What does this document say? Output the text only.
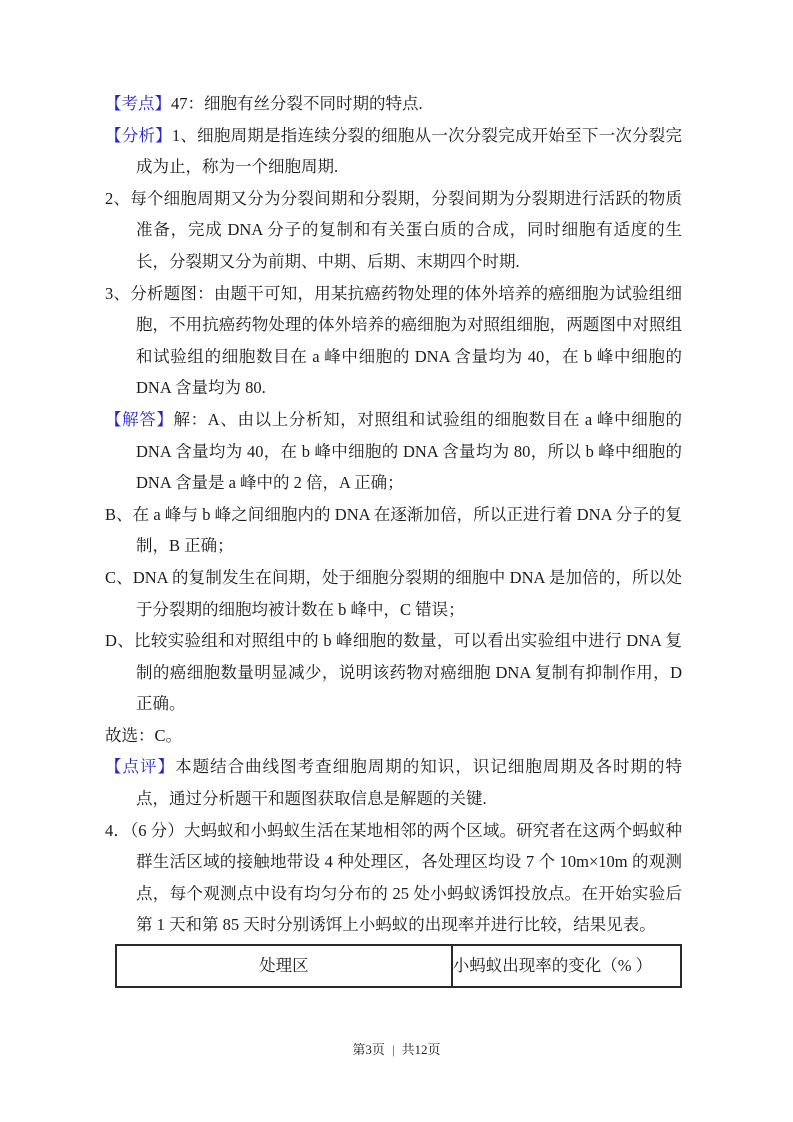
【考点】47：细胞有丝分裂不同时期的特点.

【分析】1、细胞周期是指连续分裂的细胞从一次分裂完成开始至下一次分裂完成为止，称为一个细胞周期.

2、每个细胞周期又分为分裂间期和分裂期，分裂间期为分裂期进行活跃的物质准备，完成 DNA 分子的复制和有关蛋白质的合成，同时细胞有适度的生长，分裂期又分为前期、中期、后期、末期四个时期.

3、分析题图：由题干可知，用某抗癌药物处理的体外培养的癌细胞为试验组细胞，不用抗癌药物处理的体外培养的癌细胞为对照组细胞，两题图中对照组和试验组的细胞数目在 a 峰中细胞的 DNA 含量均为 40，在 b 峰中细胞的 DNA 含量均为 80.

【解答】解：A、由以上分析知，对照组和试验组的细胞数目在 a 峰中细胞的 DNA 含量均为 40，在 b 峰中细胞的 DNA 含量均为 80，所以 b 峰中细胞的 DNA 含量是 a 峰中的 2 倍，A 正确；

B、在 a 峰与 b 峰之间细胞内的 DNA 在逐渐加倍，所以正进行着 DNA 分子的复制，B 正确；

C、DNA 的复制发生在间期，处于细胞分裂期的细胞中 DNA 是加倍的，所以处于分裂期的细胞均被计数在 b 峰中，C 错误；

D、比较实验组和对照组中的 b 峰细胞的数量，可以看出实验组中进行 DNA 复制的癌细胞数量明显减少，说明该药物对癌细胞 DNA 复制有抑制作用，D 正确。

故选：C。

【点评】本题结合曲线图考查细胞周期的知识，识记细胞周期及各时期的特点，通过分析题干和题图获取信息是解题的关键.

4．（6 分）大蚂蚁和小蚂蚁生活在某地相邻的两个区域。研究者在这两个蚂蚁种群生活区域的接触地带设 4 种处理区，各处理区均设 7 个 10m×10m 的观测点，每个观测点中设有均匀分布的 25 处小蚂蚁诱饵投放点。在开始实验后第 1 天和第 85 天时分别诱饵上小蚂蚁的出现率并进行比较，结果见表。

处理区	小蚂蚁出现率的变化（% ）
第3页 | 共12页
